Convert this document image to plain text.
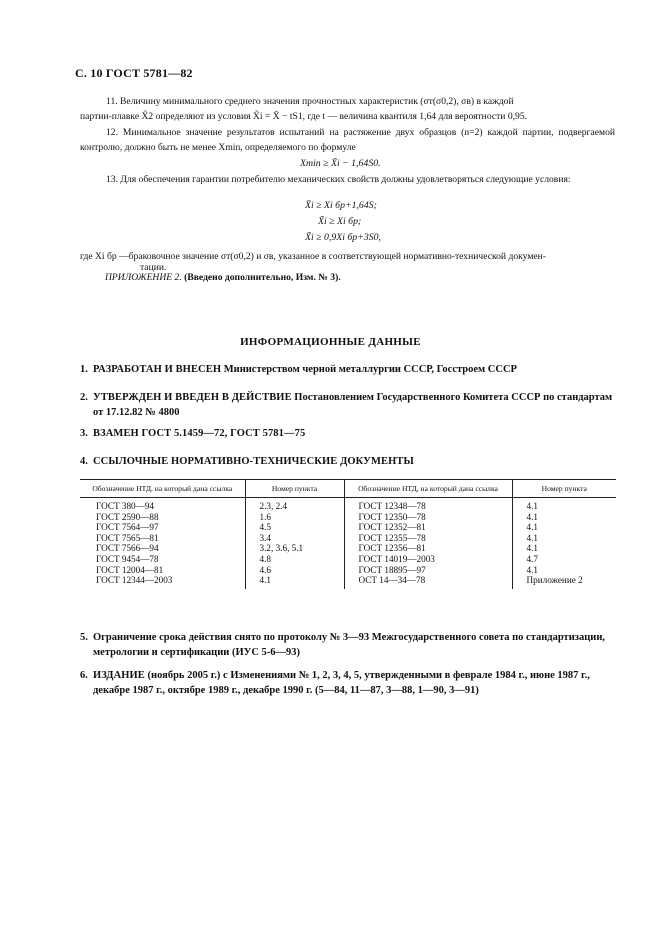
С. 10 ГОСТ 5781—82
11. Величину минимального среднего значения прочностных характеристик (σт(σ0,2), σв) в каждой
партии-плавке X̃2 определяют из условия X̃i = X̄ − tS1, где t — величина квантиля 1,64 для вероятности 0,95.
12. Минимальное значение результатов испытаний на растяжение двух образцов (n=2) каждой партии, подвергаемой контролю, должно быть не менее Xmin, определяемого по формуле
Xmin ≥ X̃i − 1,64S0.
13. Для обеспечения гарантии потребителю механических свойств должны удовлетворяться следующие условия:
X̄i ≥ Xi бр+1,64S;
X̃i ≥ Xi бр;
X̃i ≥ 0,9Xi бр+3S0,
где Xi бр —браковочное значение σт(σ0,2) и σв, указанное в соответствующей нормативно-технической докумен-
тации.
ПРИЛОЖЕНИЕ 2. (Введено дополнительно, Изм. № 3).
ИНФОРМАЦИОННЫЕ ДАННЫЕ
1. РАЗРАБОТАН И ВНЕСЕН Министерством черной металлургии СССР, Госстроем СССР
2. УТВЕРЖДЕН И ВВЕДЕН В ДЕЙСТВИЕ Постановлением Государственного Комитета СССР по стандартам от 17.12.82 № 4800
3. ВЗАМЕН ГОСТ 5.1459—72, ГОСТ 5781—75
4. ССЫЛОЧНЫЕ НОРМАТИВНО-ТЕХНИЧЕСКИЕ ДОКУМЕНТЫ
Обозначение НТД, на который дана ссылка	Номер пункта	Обозначение НТД, на который дана ссылка	Номер пункта
ГОСТ 380—94	2.3, 2.4	ГОСТ 12348—78	4.1
ГОСТ 2590—88	1.6	ГОСТ 12350—78	4.1
ГОСТ 7564—97	4.5	ГОСТ 12352—81	4.1
ГОСТ 7565—81	3.4	ГОСТ 12355—78	4.1
ГОСТ 7566—94	3.2, 3.6, 5.1	ГОСТ 12356—81	4.1
ГОСТ 9454—78	4.8	ГОСТ 14019—2003	4.7
ГОСТ 12004—81	4.6	ГОСТ 18895—97	4.1
ГОСТ 12344—2003	4.1	ОСТ 14—34—78	Приложение 2
5. Ограничение срока действия снято по протоколу № 3—93 Межгосударственного совета по стандартизации, метрологии и сертификации (ИУС 5-6—93)
6. ИЗДАНИЕ (ноябрь 2005 г.) с Изменениями № 1, 2, 3, 4, 5, утвержденными в феврале 1984 г., июне 1987 г., декабре 1987 г., октябре 1989 г., декабре 1990 г. (5—84, 11—87, 3—88, 1—90, 3—91)
